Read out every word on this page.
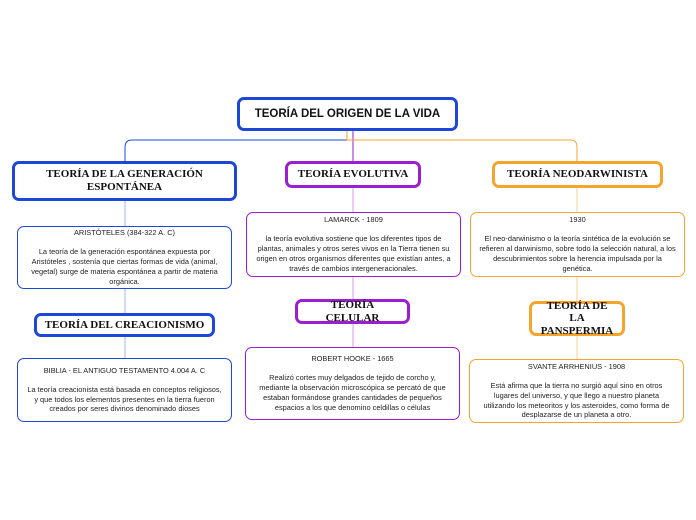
TEORÍA DEL ORIGEN DE LA VIDA
TEORÍA DE LA GENERACIÓN ESPONTÁNEA
ARISTÓTELES (384-322 A. C)
La teoría de la generación espontánea expuesta por Aristóteles , sostenía que ciertas formas de vida (animal, vegetal) surge de materia espontánea a partir de materia orgánica.
TEORÍA DEL CREACIONISMO
BIBLIA - EL ANTIGUO TESTAMENTO 4.004 A. C
La teoría creacionista está basada en conceptos religiosos, y que todos los elementos presentes en la tierra fueron creados por seres divinos denominado dioses
TEORÍA EVOLUTIVA
LAMARCK - 1809
la teoría evolutiva sostiene que los diferentes tipos de plantas, animales y otros seres vivos en la Tierra tienen su origen en otros organismos diferentes que existían antes, a través de cambios intergeneracionales.
TEORÍA CELULAR
ROBERT HOOKE - 1665
Realizó cortes muy delgados de tejido de corcho y, mediante la observación microscópica se percató de que estaban formándose grandes cantidades de pequeños espacios a los que denomino celdillas o células
TEORÍA NEODARWINISTA
1930
El neo-darwinismo o la teoría sintética de la evolución se refieren al darwinismo, sobre todo la selección natural, a los descubrimientos sobre la herencia impulsada por la genética.
TEORÍA DE LA PANSPERMIA
SVANTE ARRHENIUS - 1908
Está afirma que la tierra no surgió aquí sino en otros lugares del universo, y que llego a nuestro planeta utilizando los meteoritos y los asteroides, como forma de desplazarse de un planeta a otro.
